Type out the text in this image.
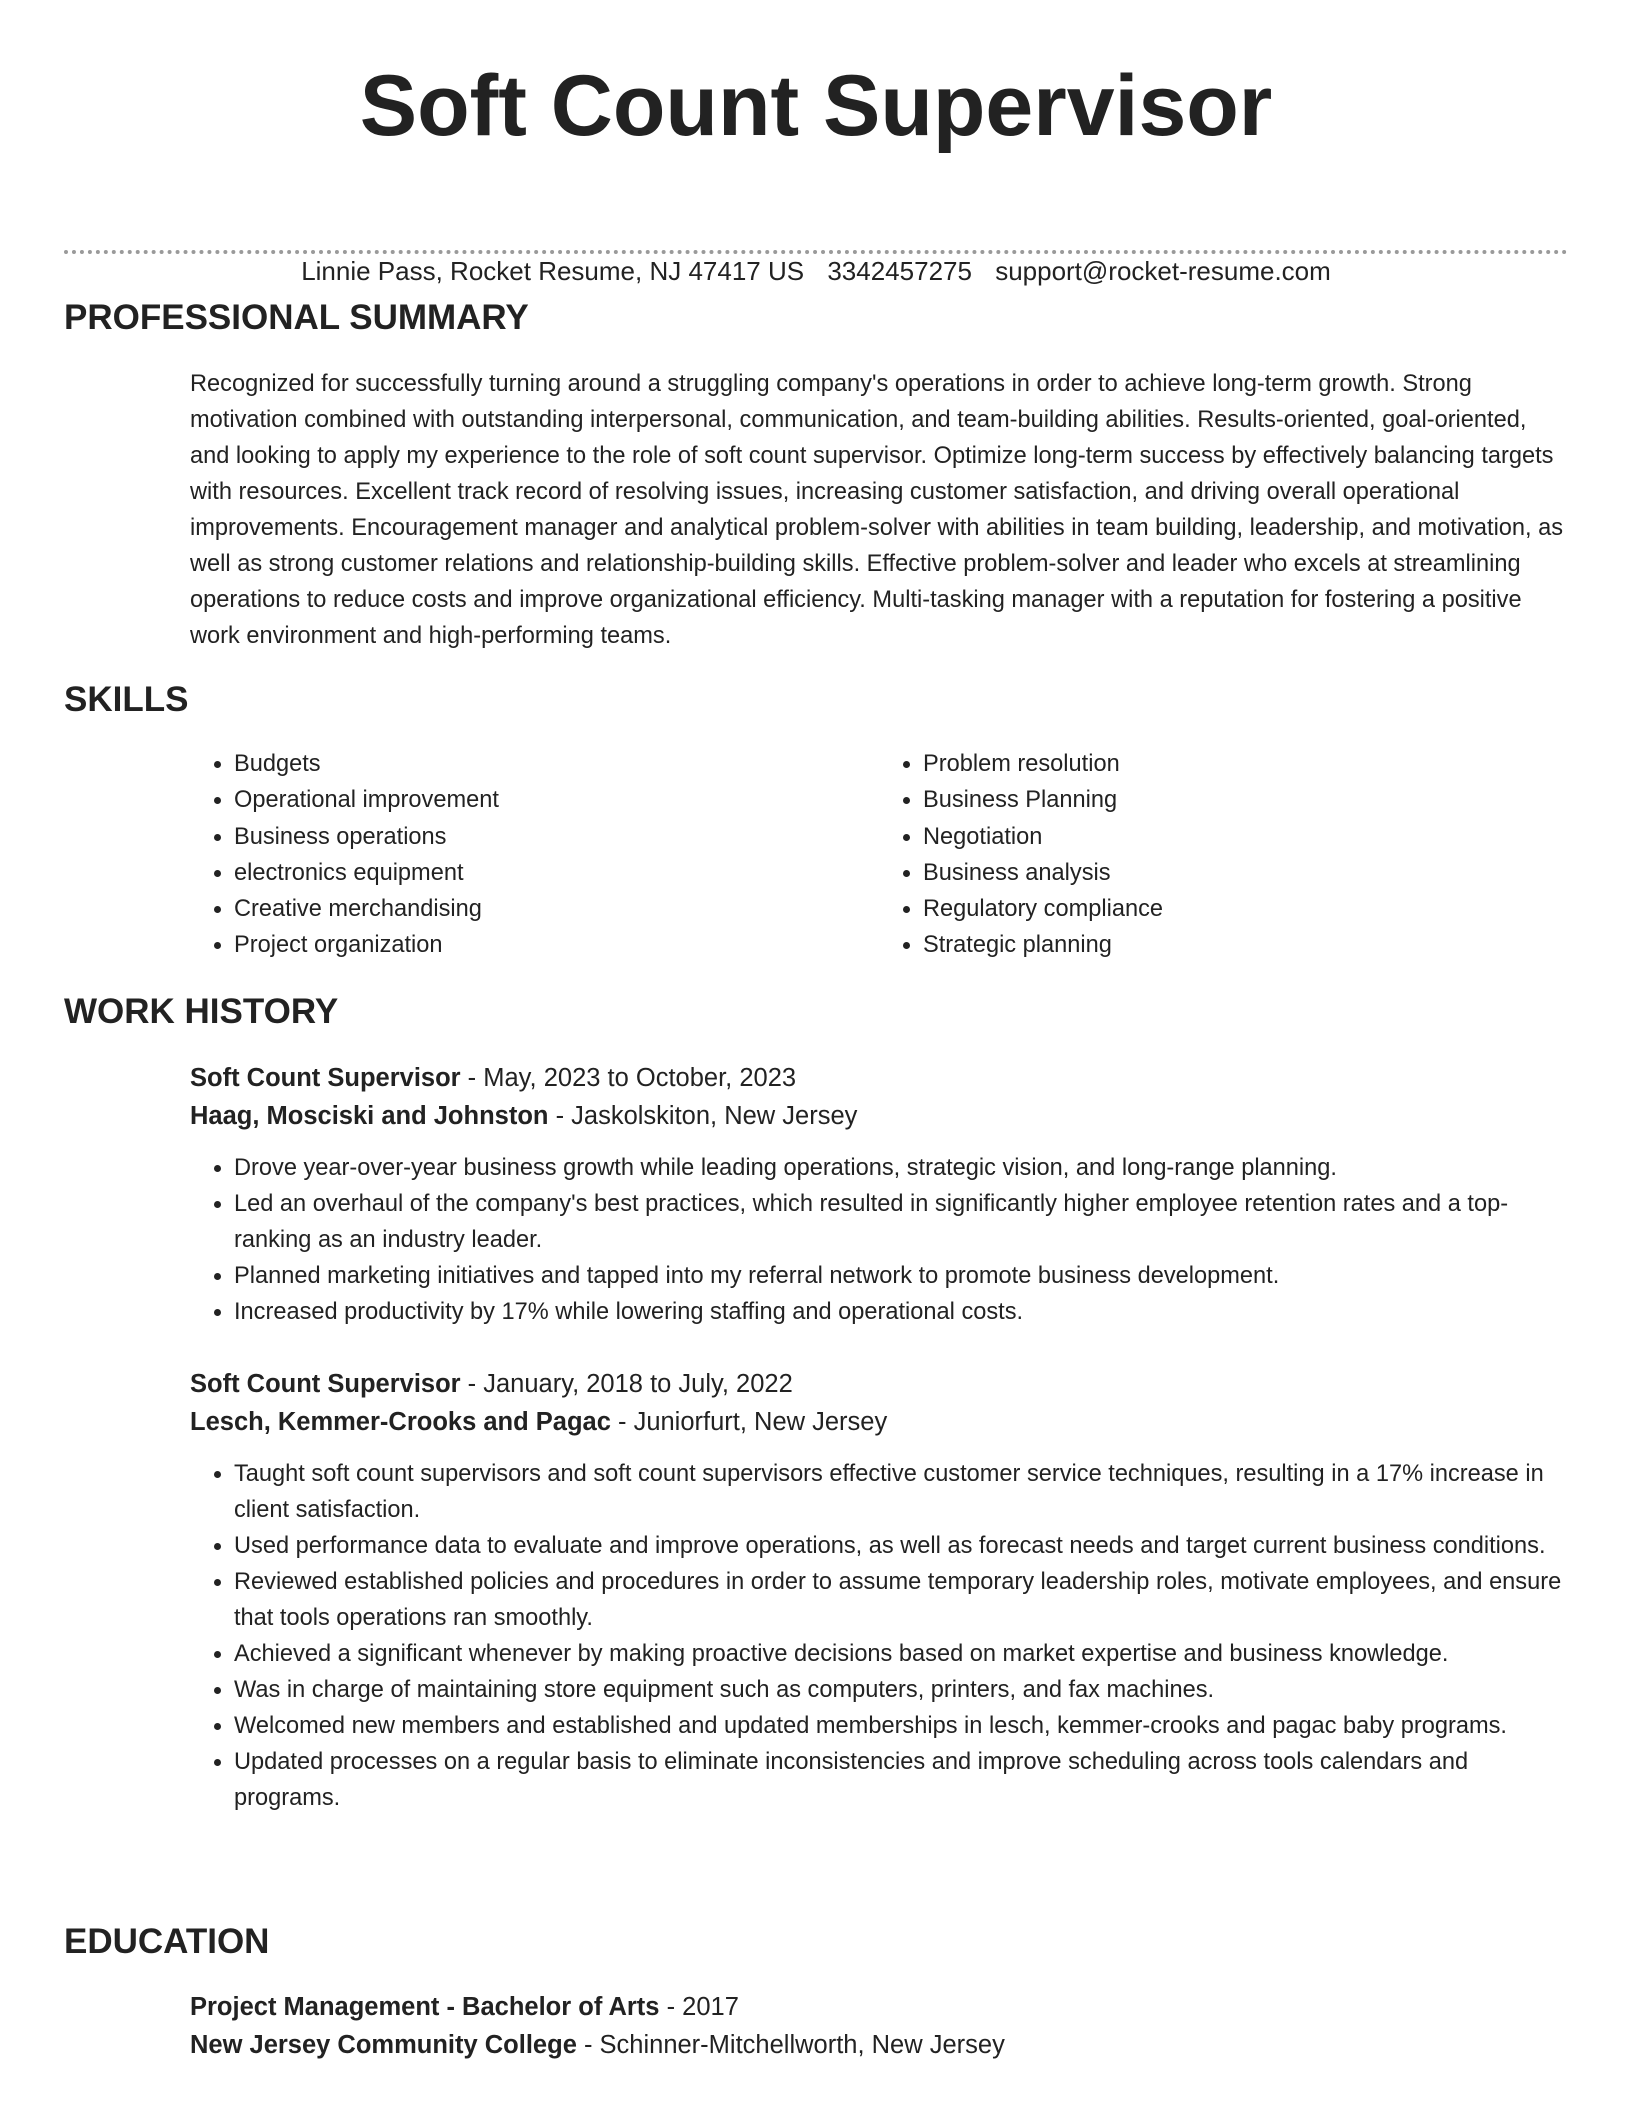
Soft Count Supervisor
Linnie Pass, Rocket Resume, NJ 47417 US 3342457275 support@rocket-resume.com
PROFESSIONAL SUMMARY

Recognized for successfully turning around a struggling company's operations in order to achieve long-term growth. Strong motivation combined with outstanding interpersonal, communication, and team-building abilities. Results-oriented, goal-oriented, and looking to apply my experience to the role of soft count supervisor. Optimize long-term success by effectively balancing targets with resources. Excellent track record of resolving issues, increasing customer satisfaction, and driving overall operational improvements. Encouragement manager and analytical problem-solver with abilities in team building, leadership, and motivation, as well as strong customer relations and relationship-building skills. Effective problem-solver and leader who excels at streamlining operations to reduce costs and improve organizational efficiency. Multi-tasking manager with a reputation for fostering a positive work environment and high-performing teams.

SKILLS
• Budgets
• Operational improvement
• Business operations
• electronics equipment
• Creative merchandising
• Project organization
• Problem resolution
• Business Planning
• Negotiation
• Business analysis
• Regulatory compliance
• Strategic planning
WORK HISTORY

Soft Count Supervisor - May, 2023 to October, 2023

Haag, Mosciski and Johnston - Jaskolskiton, New Jersey

• Drove year-over-year business growth while leading operations, strategic vision, and long-range planning.
• Led an overhaul of the company's best practices, which resulted in significantly higher employee retention rates and a top-ranking as an industry leader.
• Planned marketing initiatives and tapped into my referral network to promote business development.
• Increased productivity by 17% while lowering staffing and operational costs.

Soft Count Supervisor - January, 2018 to July, 2022

Lesch, Kemmer-Crooks and Pagac - Juniorfurt, New Jersey

• Taught soft count supervisors and soft count supervisors effective customer service techniques, resulting in a 17% increase in client satisfaction.
• Used performance data to evaluate and improve operations, as well as forecast needs and target current business conditions.
• Reviewed established policies and procedures in order to assume temporary leadership roles, motivate employees, and ensure that tools operations ran smoothly.
• Achieved a significant whenever by making proactive decisions based on market expertise and business knowledge.
• Was in charge of maintaining store equipment such as computers, printers, and fax machines.
• Welcomed new members and established and updated memberships in lesch, kemmer-crooks and pagac baby programs.
• Updated processes on a regular basis to eliminate inconsistencies and improve scheduling across tools calendars and programs.
EDUCATION

Project Management - Bachelor of Arts - 2017

New Jersey Community College - Schinner-Mitchellworth, New Jersey
